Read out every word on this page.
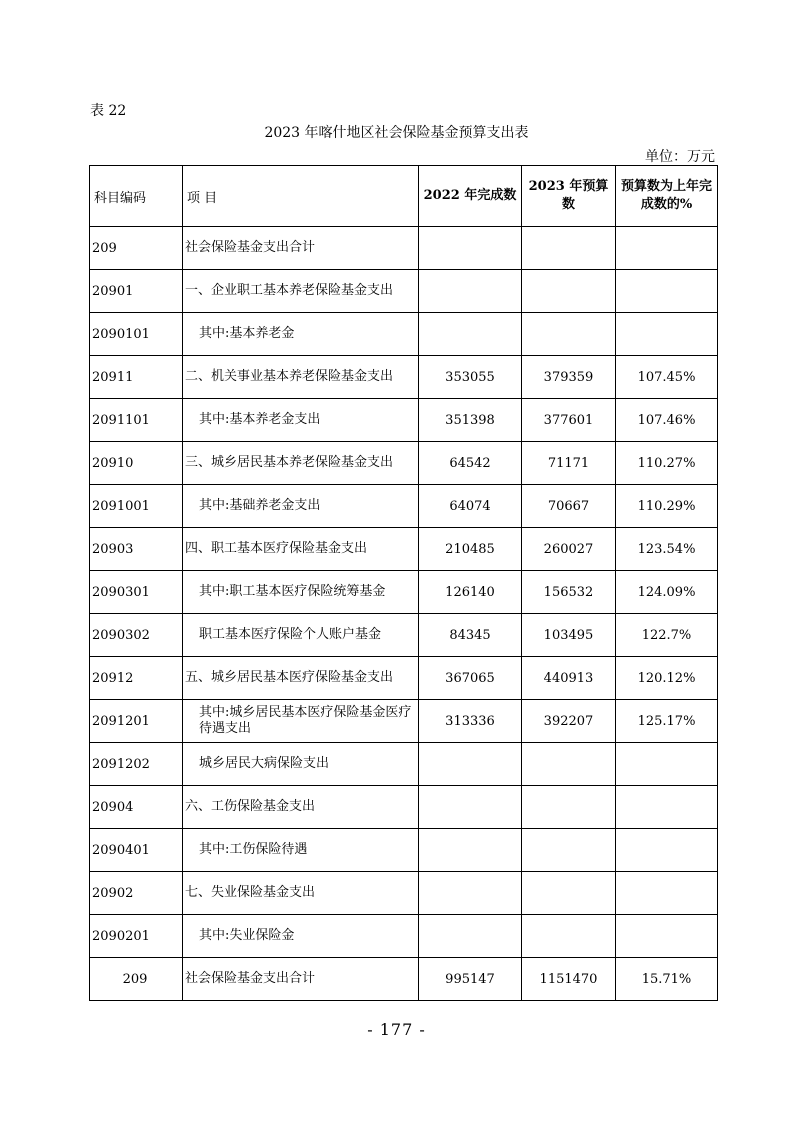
表 22
2023 年喀什地区社会保险基金预算支出表
单位：万元
科目编码	项 目	2022 年完成数	2023 年预算数	预算数为上年完成数的%
209	社会保险基金支出合计			
20901	一、企业职工基本养老保险基金支出			
2090101	其中:基本养老金			
20911	二、机关事业基本养老保险基金支出	353055	379359	107.45%
2091101	其中:基本养老金支出	351398	377601	107.46%
20910	三、城乡居民基本养老保险基金支出	64542	71171	110.27%
2091001	其中:基础养老金支出	64074	70667	110.29%
20903	四、职工基本医疗保险基金支出	210485	260027	123.54%
2090301	其中:职工基本医疗保险统筹基金	126140	156532	124.09%
2090302	职工基本医疗保险个人账户基金	84345	103495	122.7%
20912	五、城乡居民基本医疗保险基金支出	367065	440913	120.12%
2091201	其中:城乡居民基本医疗保险基金医疗待遇支出	313336	392207	125.17%
2091202	城乡居民大病保险支出			
20904	六、工伤保险基金支出			
2090401	其中:工伤保险待遇			
20902	七、失业保险基金支出			
2090201	其中:失业保险金			
209	社会保险基金支出合计	995147	1151470	15.71%
- 177 -
